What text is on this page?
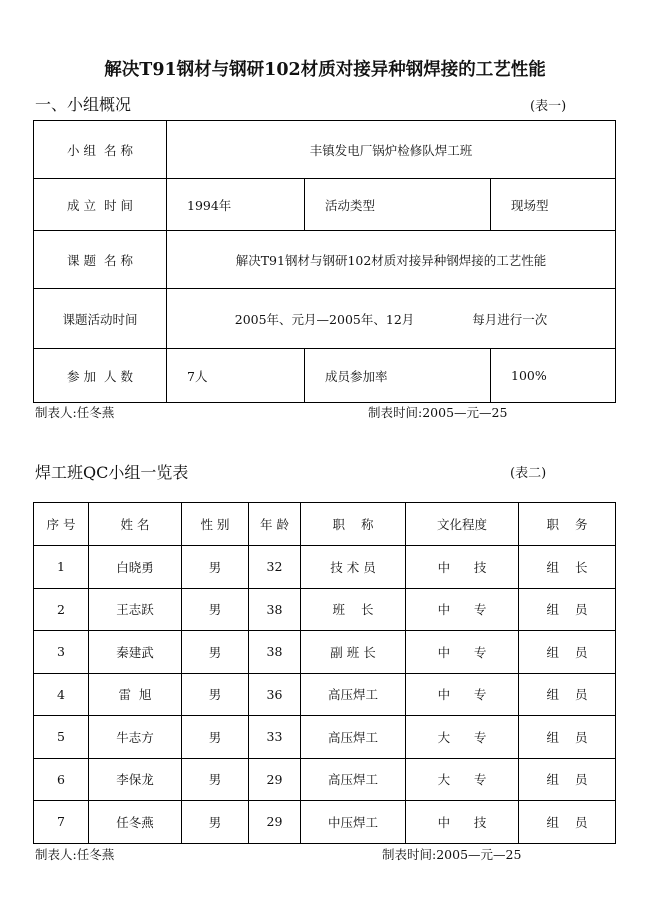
解决T91钢材与钢研102材质对接异种钢焊接的工艺性能
一、小组概况	(表一)
小 组  名 称	丰镇发电厂锅炉检修队焊工班		
成 立  时 间	1994年	活动类型	现场型
课 题  名 称	解决T91钢材与钢研102材质对接异种钢焊接的工艺性能		
课题活动时间	2005年、元月—2005年、12月 每月进行一次		
参 加  人 数	7人	成员参加率	100%
制表人:任冬燕	制表时间:2005—元—25
焊工班QC小组一览表	(表二)
序 号	姓 名	性 别	年 龄	职    称	文化程度	职    务
1	白晓勇	男	32	技 术 员	中      技	组    长
2	王志跃	男	38	班    长	中      专	组    员
3	秦建武	男	38	副 班 长	中      专	组    员
4	雷  旭	男	36	高压焊工	中      专	组    员
5	牛志方	男	33	高压焊工	大      专	组    员
6	李保龙	男	29	高压焊工	大      专	组    员
7	任冬燕	男	29	中压焊工	中      技	组    员
制表人:任冬燕	制表时间:2005—元—25
